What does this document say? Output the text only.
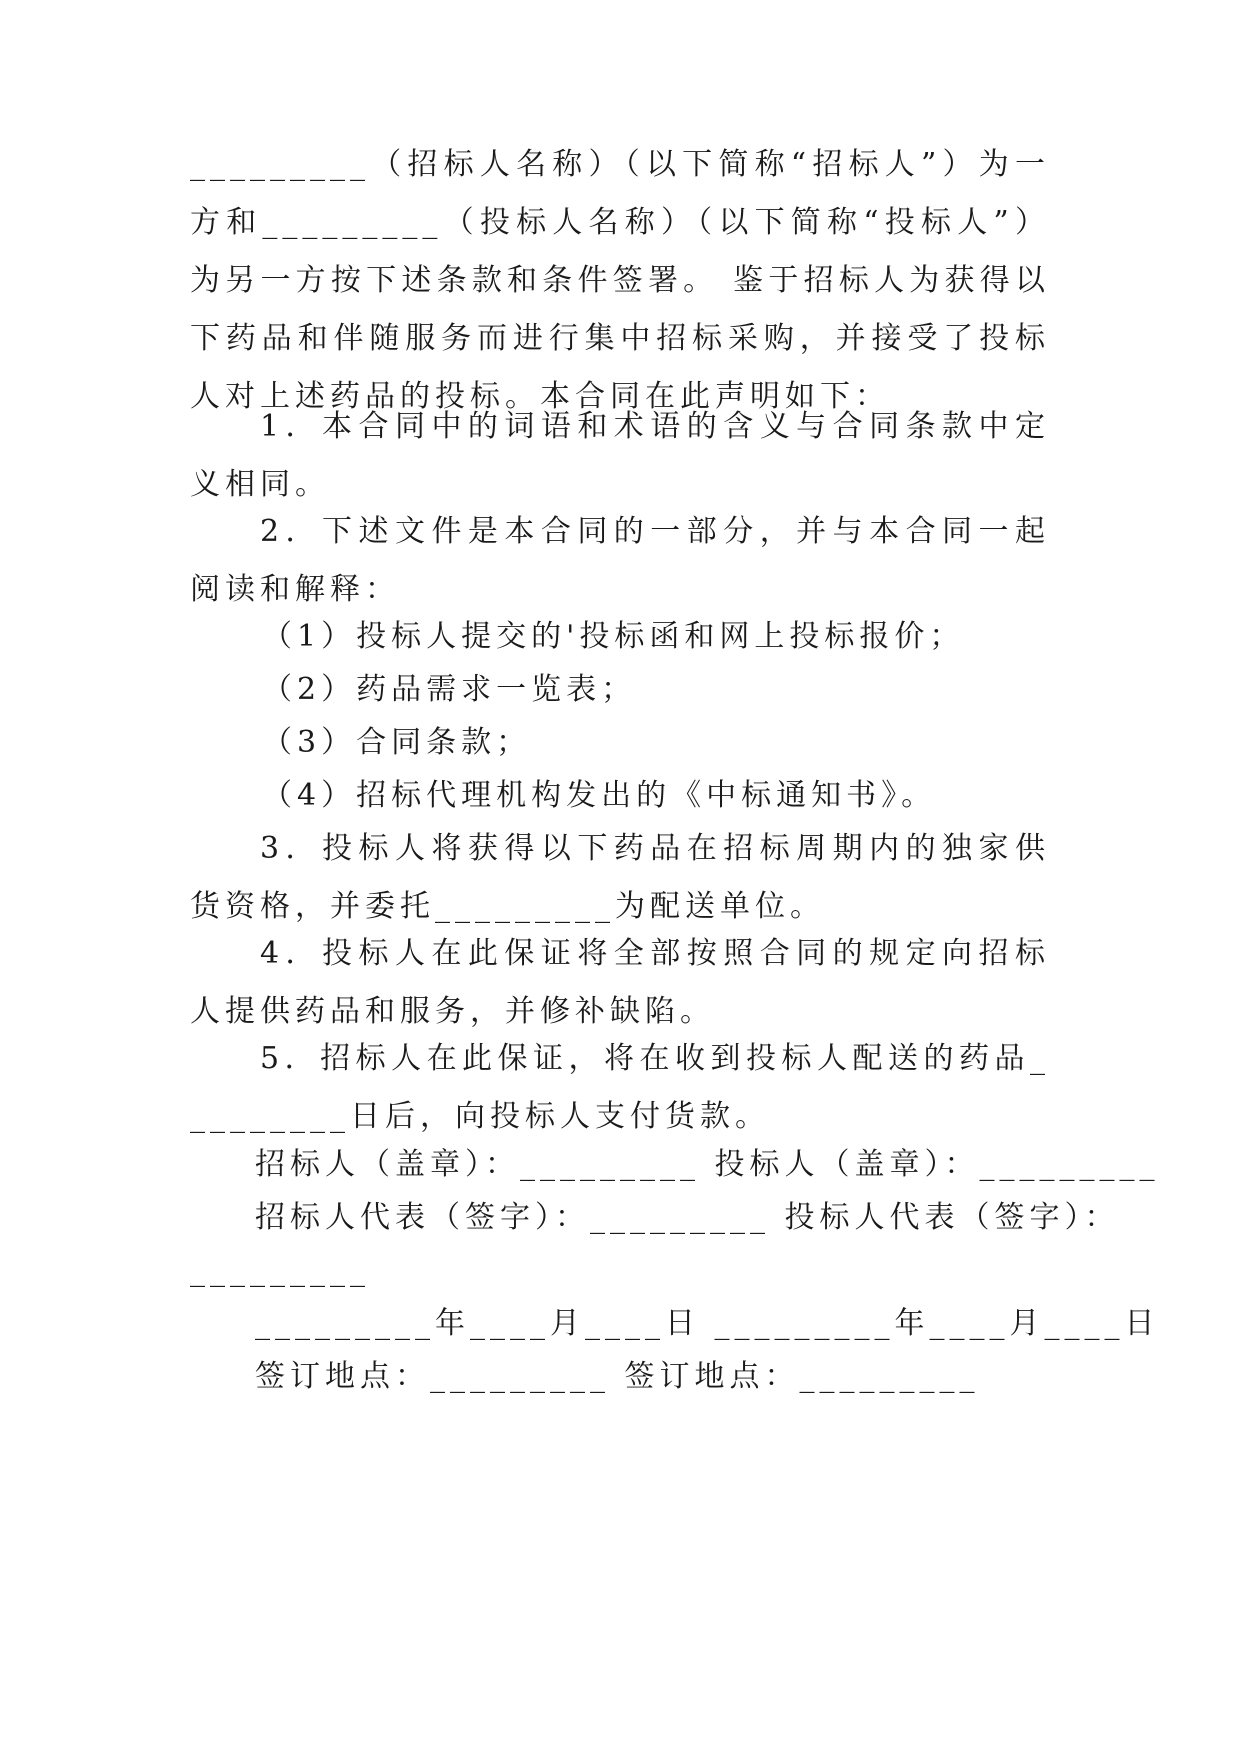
_________（招标人名称）（以下简称“招标人”）为一方和_________（投标人名称）（以下简称“投标人”）为另一方按下述条款和条件签署。 鉴于招标人为获得以下药品和伴随服务而进行集中招标采购，并接受了投标人对上述药品的投标。本合同在此声明如下：
1．本合同中的词语和术语的含义与合同条款中定义相同。
2．下述文件是本合同的一部分，并与本合同一起阅读和解释：
（1）投标人提交的'投标函和网上投标报价；
（2）药品需求一览表；
（3）合同条款；
（4）招标代理机构发出的《中标通知书》。
3．投标人将获得以下药品在招标周期内的独家供货资格，并委托_________为配送单位。
4．投标人在此保证将全部按照合同的规定向招标人提供药品和服务，并修补缺陷。
5．招标人在此保证，将在收到投标人配送的药品_________日后，向投标人支付货款。
招标人（盖章）：_________ 投标人（盖章）：_________
招标人代表（签字）：_________ 投标人代表（签字）：
_________
_________年____月____日 _________年____月____日
签订地点：_________ 签订地点：_________
